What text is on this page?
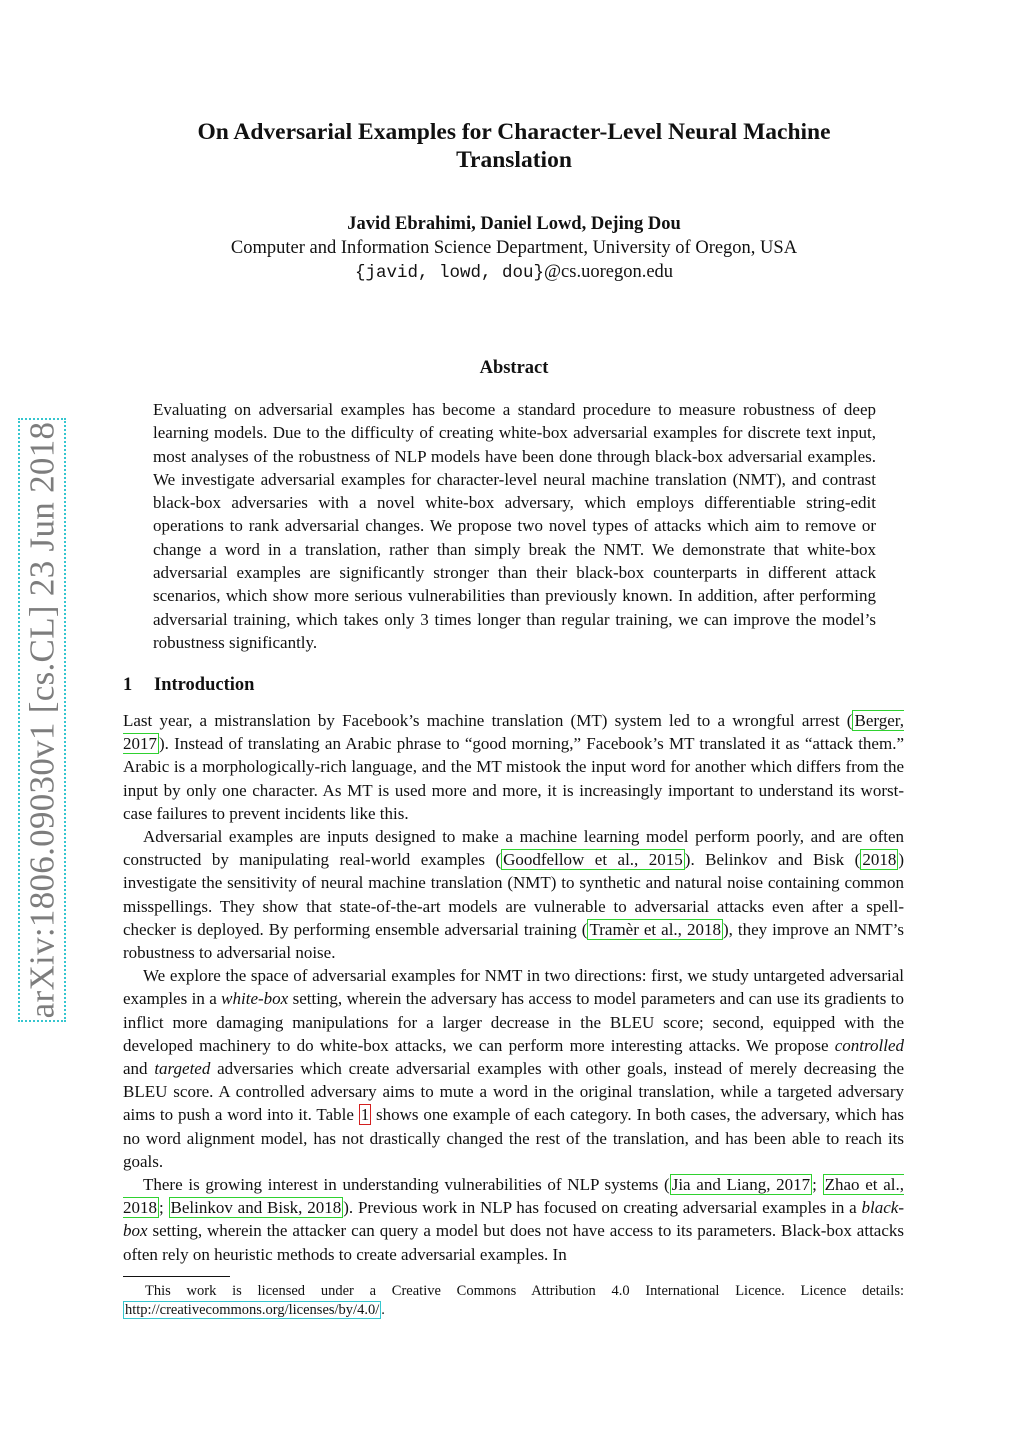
arXiv:1806.09030v1 [cs.CL] 23 Jun 2018
On Adversarial Examples for Character-Level Neural Machine Translation
Javid Ebrahimi, Daniel Lowd, Dejing Dou
Computer and Information Science Department, University of Oregon, USA
{javid, lowd, dou}@cs.uoregon.edu
Abstract

Evaluating on adversarial examples has become a standard procedure to measure robustness of deep learning models. Due to the difficulty of creating white-box adversarial examples for discrete text input, most analyses of the robustness of NLP models have been done through black-box adversarial examples. We investigate adversarial examples for character-level neural machine translation (NMT), and contrast black-box adversaries with a novel white-box adversary, which employs differentiable string-edit operations to rank adversarial changes. We propose two novel types of attacks which aim to remove or change a word in a translation, rather than simply break the NMT. We demonstrate that white-box adversarial examples are significantly stronger than their black-box counterparts in different attack scenarios, which show more serious vulnerabilities than previously known. In addition, after performing adversarial training, which takes only 3 times longer than regular training, we can improve the model’s robustness significantly.

1 Introduction

Last year, a mistranslation by Facebook’s machine translation (MT) system led to a wrongful arrest ( Berger, 2017 ). Instead of translating an Arabic phrase to “good morning,” Facebook’s MT translated it as “attack them.” Arabic is a morphologically-rich language, and the MT mistook the input word for another which differs from the input by only one character. As MT is used more and more, it is increasingly important to understand its worst-case failures to prevent incidents like this.

Adversarial examples are inputs designed to make a machine learning model perform poorly, and are often constructed by manipulating real-world examples ( Goodfellow et al., 2015 ). Belinkov and Bisk ( 2018 ) investigate the sensitivity of neural machine translation (NMT) to synthetic and natural noise containing common misspellings. They show that state-of-the-art models are vulnerable to adversarial attacks even after a spell-checker is deployed. By performing ensemble adversarial training ( Tramèr et al., 2018 ), they improve an NMT’s robustness to adversarial noise.

We explore the space of adversarial examples for NMT in two directions: first, we study untargeted adversarial examples in a white-box setting, wherein the adversary has access to model parameters and can use its gradients to inflict more damaging manipulations for a larger decrease in the BLEU score; second, equipped with the developed machinery to do white-box attacks, we can perform more interesting attacks. We propose controlled and targeted adversaries which create adversarial examples with other goals, instead of merely decreasing the BLEU score. A controlled adversary aims to mute a word in the original translation, while a targeted adversary aims to push a word into it. Table 1 shows one example of each category. In both cases, the adversary, which has no word alignment model, has not drastically changed the rest of the translation, and has been able to reach its goals.

There is growing interest in understanding vulnerabilities of NLP systems ( Jia and Liang, 2017 ; Zhao et al., 2018 ; Belinkov and Bisk, 2018 ). Previous work in NLP has focused on creating adversarial examples in a black-box setting, wherein the attacker can query a model but does not have access to its parameters. Black-box attacks often rely on heuristic methods to create adversarial examples. In

This work is licensed under a Creative Commons Attribution 4.0 International Licence. Licence details: http://creativecommons.org/licenses/by/4.0/ .
